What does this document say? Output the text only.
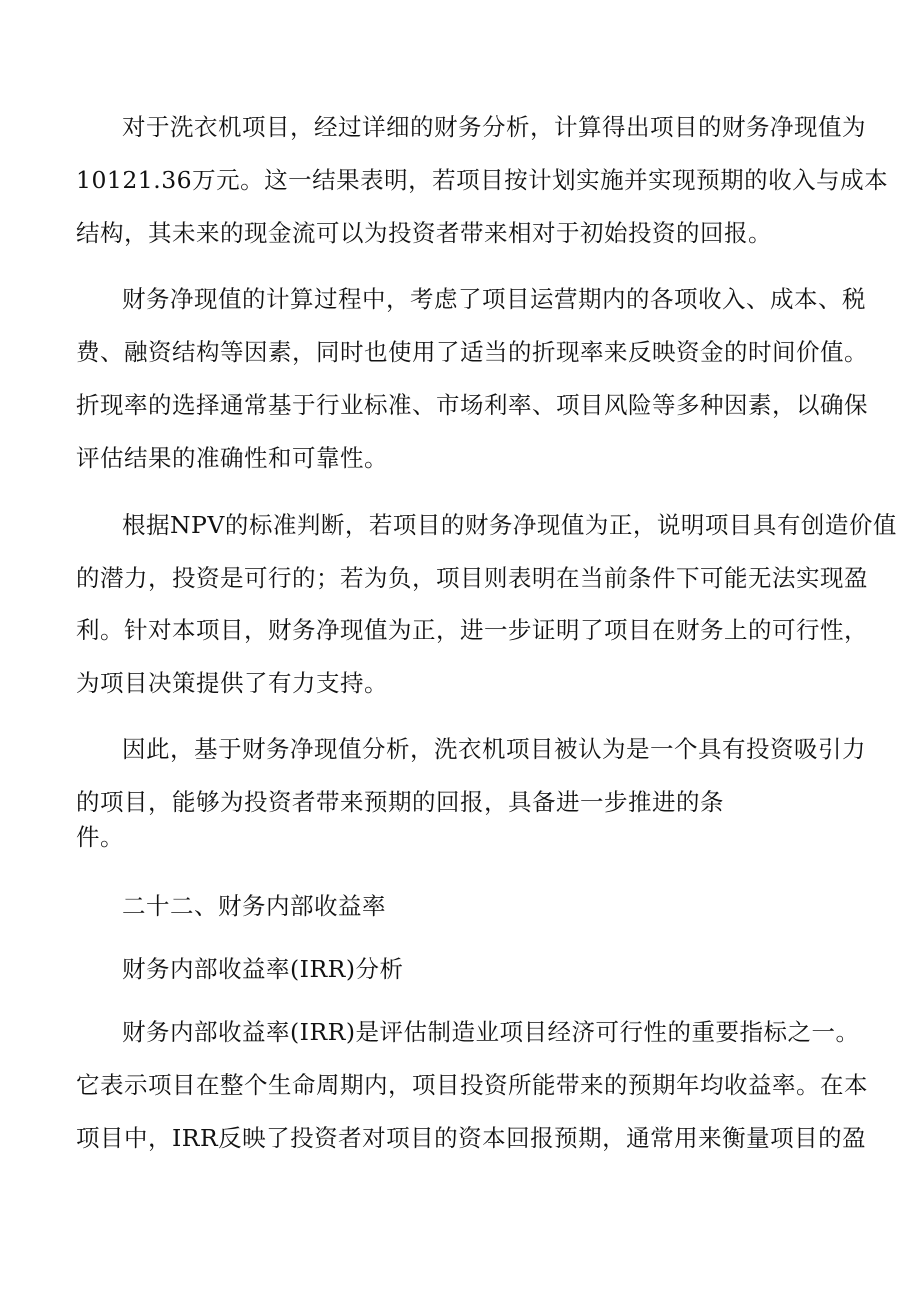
对于洗衣机项目，经过详细的财务分析，计算得出项目的财务净现值为
10121.36万元。这一结果表明，若项目按计划实施并实现预期的收入与成本
结构，其未来的现金流可以为投资者带来相对于初始投资的回报。
财务净现值的计算过程中，考虑了项目运营期内的各项收入、成本、税
费、融资结构等因素，同时也使用了适当的折现率来反映资金的时间价值。
折现率的选择通常基于行业标准、市场利率、项目风险等多种因素，以确保
评估结果的准确性和可靠性。
根据NPV的标准判断，若项目的财务净现值为正，说明项目具有创造价值
的潜力，投资是可行的；若为负，项目则表明在当前条件下可能无法实现盈
利。针对本项目，财务净现值为正，进一步证明了项目在财务上的可行性，
为项目决策提供了有力支持。
因此，基于财务净现值分析，洗衣机项目被认为是一个具有投资吸引力
的项目，能够为投资者带来预期的回报，具备进一步推进的条
件。
二十二、财务内部收益率
财务内部收益率(IRR)分析
财务内部收益率(IRR)是评估制造业项目经济可行性的重要指标之一。
它表示项目在整个生命周期内，项目投资所能带来的预期年均收益率。在本
项目中，IRR反映了投资者对项目的资本回报预期，通常用来衡量项目的盈
